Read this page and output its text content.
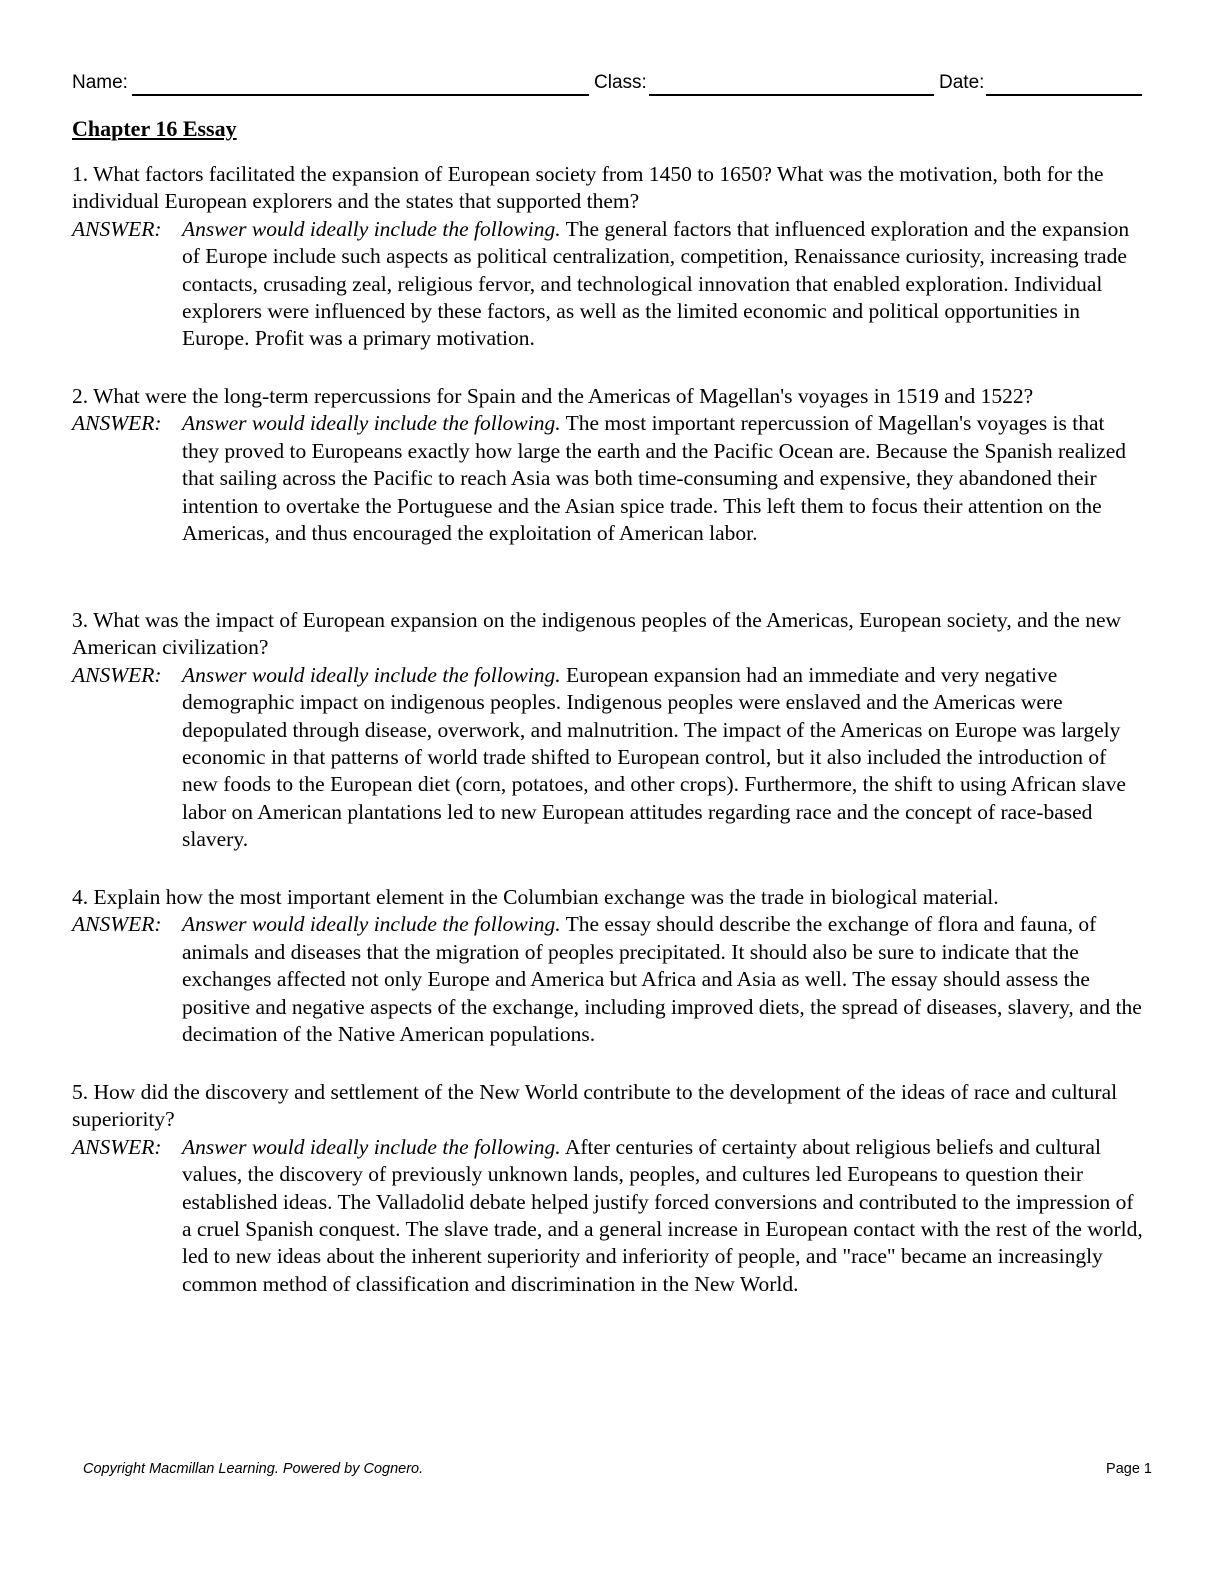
Name:	Class:	Date:
Chapter 16 Essay

1. What factors facilitated the expansion of European society from 1450 to 1650? What was the motivation, both for the individual European explorers and the states that supported them?

ANSWER: Answer would ideally include the following. The general factors that influenced exploration and the expansion of Europe include such aspects as political centralization, competition, Renaissance curiosity, increasing trade contacts, crusading zeal, religious fervor, and technological innovation that enabled exploration. Individual explorers were influenced by these factors, as well as the limited economic and political opportunities in Europe. Profit was a primary motivation.

2. What were the long-term repercussions for Spain and the Americas of Magellan's voyages in 1519 and 1522?

ANSWER: Answer would ideally include the following. The most important repercussion of Magellan's voyages is that they proved to Europeans exactly how large the earth and the Pacific Ocean are. Because the Spanish realized that sailing across the Pacific to reach Asia was both time-consuming and expensive, they abandoned their intention to overtake the Portuguese and the Asian spice trade. This left them to focus their attention on the Americas, and thus encouraged the exploitation of American labor.

3. What was the impact of European expansion on the indigenous peoples of the Americas, European society, and the new American civilization?

ANSWER: Answer would ideally include the following. European expansion had an immediate and very negative demographic impact on indigenous peoples. Indigenous peoples were enslaved and the Americas were depopulated through disease, overwork, and malnutrition. The impact of the Americas on Europe was largely economic in that patterns of world trade shifted to European control, but it also included the introduction of new foods to the European diet (corn, potatoes, and other crops). Furthermore, the shift to using African slave labor on American plantations led to new European attitudes regarding race and the concept of race-based slavery.

4. Explain how the most important element in the Columbian exchange was the trade in biological material.

ANSWER: Answer would ideally include the following. The essay should describe the exchange of flora and fauna, of animals and diseases that the migration of peoples precipitated. It should also be sure to indicate that the exchanges affected not only Europe and America but Africa and Asia as well. The essay should assess the positive and negative aspects of the exchange, including improved diets, the spread of diseases, slavery, and the decimation of the Native American populations.

5. How did the discovery and settlement of the New World contribute to the development of the ideas of race and cultural superiority?

ANSWER: Answer would ideally include the following. After centuries of certainty about religious beliefs and cultural values, the discovery of previously unknown lands, peoples, and cultures led Europeans to question their established ideas. The Valladolid debate helped justify forced conversions and contributed to the impression of a cruel Spanish conquest. The slave trade, and a general increase in European contact with the rest of the world, led to new ideas about the inherent superiority and inferiority of people, and "race" became an increasingly common method of classification and discrimination in the New World.

Copyright Macmillan Learning. Powered by Cognero.	Page 1
